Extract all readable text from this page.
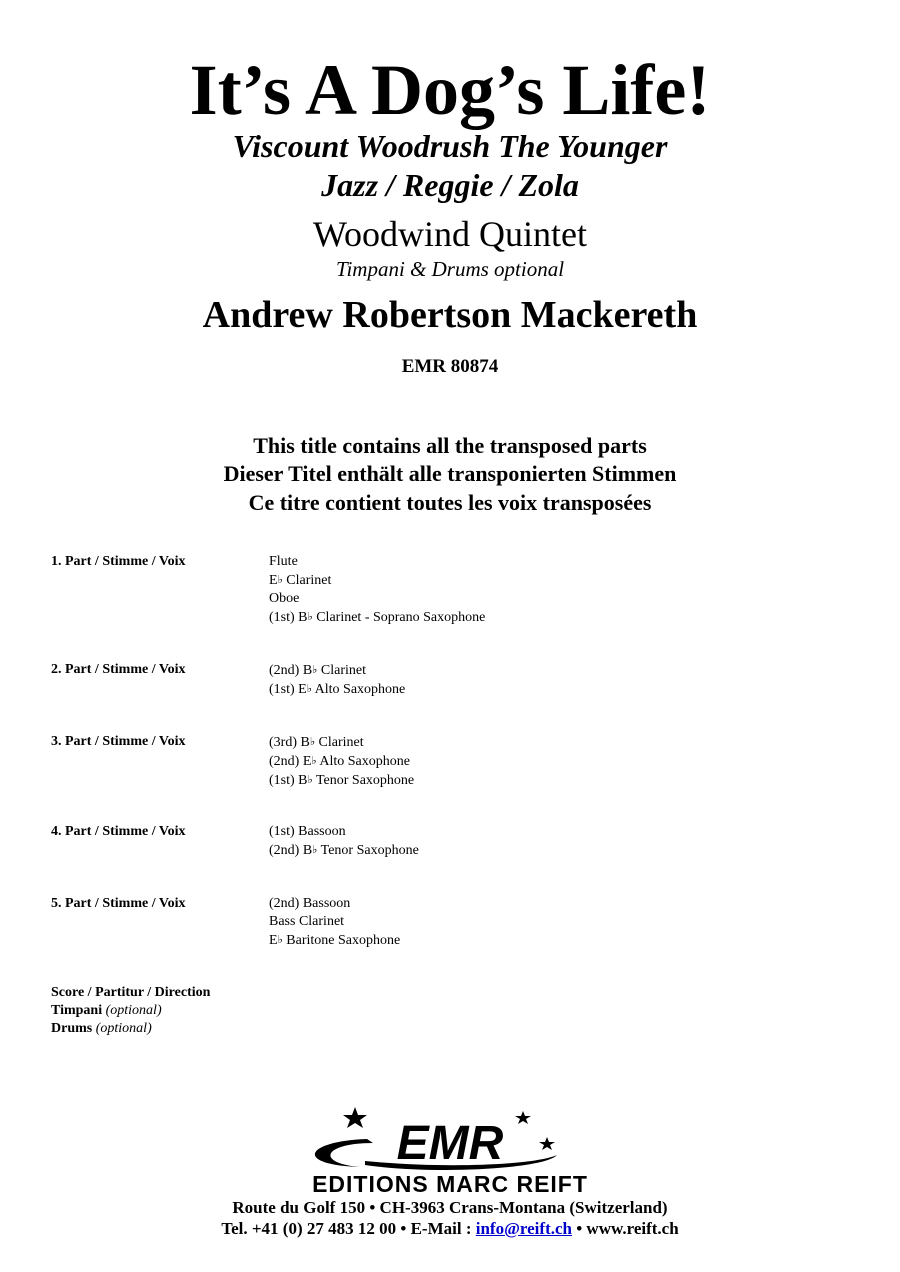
It’s A Dog’s Life!
Viscount Woodrush The Younger
Jazz / Reggie / Zola
Woodwind Quintet
Timpani & Drums optional
Andrew Robertson Mackereth
EMR 80874
This title contains all the transposed parts
Dieser Titel enthält alle transponierten Stimmen
Ce titre contient toutes les voix transposées
1. Part / Stimme / Voix	Flute
E♭ Clarinet
Oboe
(1st) B♭ Clarinet - Soprano Saxophone
2. Part / Stimme / Voix	(2nd) B♭ Clarinet
(1st) E♭ Alto Saxophone
3. Part / Stimme / Voix	(3rd) B♭ Clarinet
(2nd) E♭ Alto Saxophone
(1st) B♭ Tenor Saxophone
4. Part / Stimme / Voix	(1st) Bassoon
(2nd) B♭ Tenor Saxophone
5. Part / Stimme / Voix	(2nd) Bassoon
Bass Clarinet
E♭ Baritone Saxophone
Score / Partitur / Direction
Timpani (optional)
Drums (optional)
EMR
EDITIONS MARC REIFT
Route du Golf 150 • CH-3963 Crans-Montana (Switzerland)
Tel. +41 (0) 27 483 12 00 • E-Mail : info@reift.ch • www.reift.ch
